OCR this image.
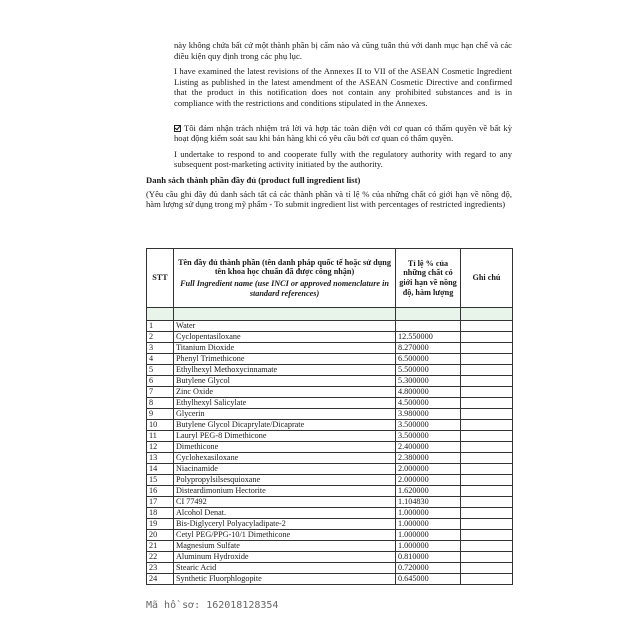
này không chứa bất cứ một thành phần bị cấm nào và cũng tuân thủ với danh mục hạn chế và các điều kiện quy định trong các phụ lục.

I have examined the latest revisions of the Annexes II to VII of the ASEAN Cosmetic Ingredient Listing as published in the latest amendment of the ASEAN Cosmetic Directive and confirmed that the product in this notification does not contain any prohibited substances and is in compliance with the restrictions and conditions stipulated in the Annexes.

Tôi đảm nhận trách nhiệm trả lời và hợp tác toàn diện với cơ quan có thẩm quyền về bất kỳ hoạt động kiểm soát sau khi bán hàng khi có yêu cầu bởi cơ quan có thẩm quyền.

I undertake to respond to and cooperate fully with the regulatory authority with regard to any subsequent post-marketing activity initiated by the authority.

Danh sách thành phần đầy đủ (product full ingredient list)

(Yêu cầu ghi đầy đủ danh sách tất cả các thành phần và tỉ lệ % của những chất có giới hạn về nồng độ, hàm lượng sử dụng trong mỹ phẩm - To submit ingredient list with percentages of restricted ingredients)

STT	Tên đầy đủ thành phần (tên danh pháp quốc tế hoặc sử dụng tên khoa học chuẩn đã được công nhận)
Full Ingredient name (use INCI or approved nomenclature in standard references)	Tỉ lệ % của những chất có giới hạn về nồng độ, hàm lượng	Ghi chú

1	Water		
2	Cyclopentasiloxane	12.550000	
3	Titanium Dioxide	8.270000	
4	Phenyl Trimethicone	6.500000	
5	Ethylhexyl Methoxycinnamate	5.500000	
6	Butylene Glycol	5.300000	
7	Zinc Oxide	4.800000	
8	Ethylhexyl Salicylate	4.500000	
9	Glycerin	3.980000	
10	Butylene Glycol Dicaprylate/Dicaprate	3.500000	
11	Lauryl PEG-8 Dimethicone	3.500000	
12	Dimethicone	2.400000	
13	Cyclohexasiloxane	2.380000	
14	Niacinamide	2.000000	
15	Polypropylsilsesquioxane	2.000000	
16	Disteardimonium Hectorite	1.620000	
17	CI 77492	1.104830	
18	Alcohol Denat.	1.000000	
19	Bis-Diglyceryl Polyacyladipate-2	1.000000	
20	Cetyl PEG/PPG-10/1 Dimethicone	1.000000	
21	Magnesium Sulfate	1.000000	
22	Aluminum Hydroxide	0.810000	
23	Stearic Acid	0.720000	
24	Synthetic Fluorphlogopite	0.645000	
Mã hồ sơ: 162018128354
